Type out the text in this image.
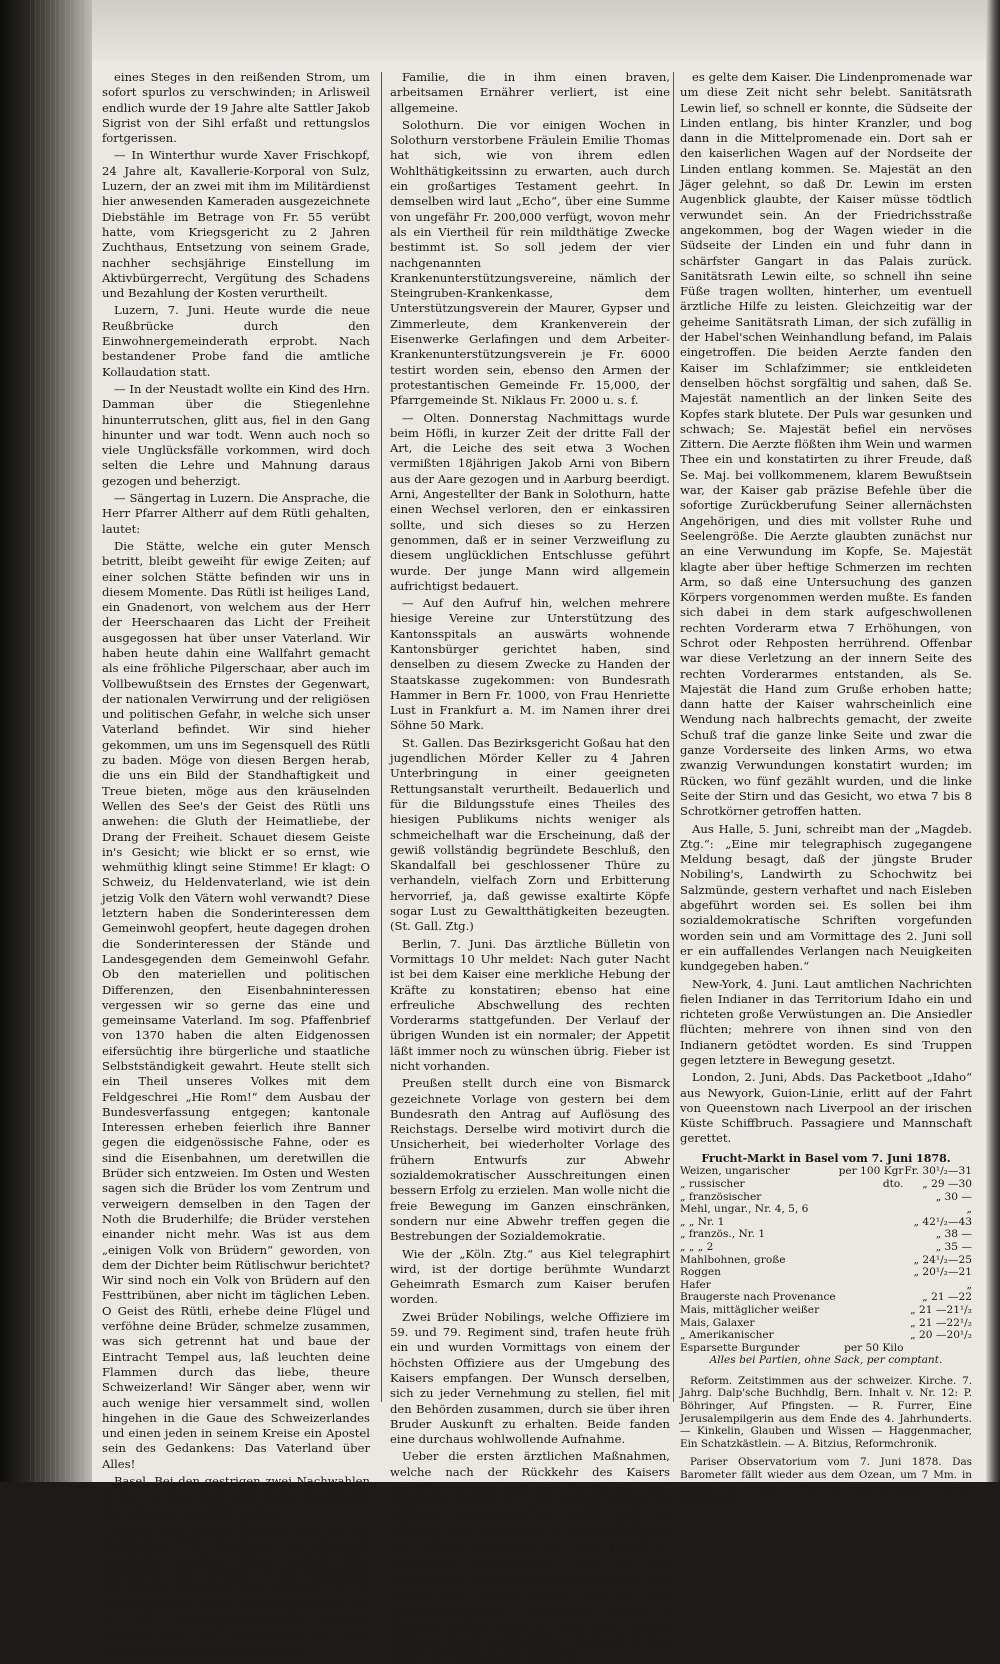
eines Steges in den reißenden Strom, um sofort spurlos zu verschwinden; in Arlisweil endlich wurde der 19 Jahre alte Sattler Jakob Sigrist von der Sihl erfaßt und rettungslos fortgerissen.

— In Winterthur wurde Xaver Frischkopf, 24 Jahre alt, Kavallerie-Korporal von Sulz, Luzern, der an zwei mit ihm im Militärdienst hier anwesenden Kameraden ausgezeichnete Diebstähle im Betrage von Fr. 55 verübt hatte, vom Kriegsgericht zu 2 Jahren Zuchthaus, Entsetzung von seinem Grade, nachher sechsjährige Einstellung im Aktivbürgerrecht, Vergütung des Schadens und Bezahlung der Kosten verurtheilt.

Luzern, 7. Juni. Heute wurde die neue Reußbrücke durch den Einwohnergemeinderath erprobt. Nach bestandener Probe fand die amtliche Kollaudation statt.

— In der Neustadt wollte ein Kind des Hrn. Damman über die Stiegenlehne hinunterrutschen, glitt aus, fiel in den Gang hinunter und war todt. Wenn auch noch so viele Unglücksfälle vorkommen, wird doch selten die Lehre und Mahnung daraus gezogen und beherzigt.

— Sängertag in Luzern. Die Ansprache, die Herr Pfarrer Altherr auf dem Rütli gehalten, lautet:

Die Stätte, welche ein guter Mensch betritt, bleibt geweiht für ewige Zeiten; auf einer solchen Stätte befinden wir uns in diesem Momente. Das Rütli ist heiliges Land, ein Gnadenort, von welchem aus der Herr der Heerschaaren das Licht der Freiheit ausgegossen hat über unser Vaterland. Wir haben heute dahin eine Wallfahrt gemacht als eine fröhliche Pilgerschaar, aber auch im Vollbewußtsein des Ernstes der Gegenwart, der nationalen Verwirrung und der religiösen und politischen Gefahr, in welche sich unser Vaterland befindet. Wir sind hieher gekommen, um uns im Segensquell des Rütli zu baden. Möge von diesen Bergen herab, die uns ein Bild der Standhaftigkeit und Treue bieten, möge aus den kräuselnden Wellen des See's der Geist des Rütli uns anwehen: die Gluth der Heimatliebe, der Drang der Freiheit. Schauet diesem Geiste in's Gesicht; wie blickt er so ernst, wie wehmüthig klingt seine Stimme! Er klagt: O Schweiz, du Heldenvaterland, wie ist dein jetzig Volk den Vätern wohl verwandt? Diese letztern haben die Sonderinteressen dem Gemeinwohl geopfert, heute dagegen drohen die Sonderinteressen der Stände und Landesgegenden dem Gemeinwohl Gefahr. Ob den materiellen und politischen Differenzen, den Eisenbahninteressen vergessen wir so gerne das eine und gemeinsame Vaterland. Im sog. Pfaffenbrief von 1370 haben die alten Eidgenossen eifersüchtig ihre bürgerliche und staatliche Selbstständigkeit gewahrt. Heute stellt sich ein Theil unseres Volkes mit dem Feldgeschrei „Hie Rom!“ dem Ausbau der Bundesverfassung entgegen; kantonale Interessen erheben feierlich ihre Banner gegen die eidgenössische Fahne, oder es sind die Eisenbahnen, um deretwillen die Brüder sich entzweien. Im Osten und Westen sagen sich die Brüder los vom Zentrum und verweigern demselben in den Tagen der Noth die Bruderhilfe; die Brüder verstehen einander nicht mehr. Was ist aus dem „einigen Volk von Brüdern“ geworden, von dem der Dichter beim Rütlischwur berichtet? Wir sind noch ein Volk von Brüdern auf den Festtribünen, aber nicht im täglichen Leben. O Geist des Rütli, erhebe deine Flügel und verföhne deine Brüder, schmelze zusammen, was sich getrennt hat und baue der Eintracht Tempel aus, laß leuchten deine Flammen durch das liebe, theure Schweizerland! Wir Sänger aber, wenn wir auch wenige hier versammelt sind, wollen hingehen in die Gaue des Schweizerlandes und einen jeden in seinem Kreise ein Apostel sein des Gedankens: Das Vaterland über Alles!

Basel. Bei den gestrigen zwei Nachwahlen in den Großen Rath sind beide Kandidaten der Liberalen gewählt worden.

Glarus. Seit letztem Dienstag wird der Hr. Fellhändler Frid. Beglinger, ein allgemein geachteter, wackerer Mann, vermißt. Man vermuthet, daß derselbe in der Dunkelheit bei seiner Heimkehr von Niedern, wo er zuletzt gesehen wurde, den Weg verfehlt und in den hochangeschwollenen Löntsch gefallen sei. Die Theilnahme an dem Schicksal der ziemlich zahlreichen

Familie, die in ihm einen braven, arbeitsamen Ernährer verliert, ist eine allgemeine.

Solothurn. Die vor einigen Wochen in Solothurn verstorbene Fräulein Emilie Thomas hat sich, wie von ihrem edlen Wohlthätigkeitssinn zu erwarten, auch durch ein großartiges Testament geehrt. In demselben wird laut „Echo“, über eine Summe von ungefähr Fr. 200,000 verfügt, wovon mehr als ein Viertheil für rein mildthätige Zwecke bestimmt ist. So soll jedem der vier nachgenannten Krankenunterstützungsvereine, nämlich der Steingruben-Krankenkasse, dem Unterstützungsverein der Maurer, Gypser und Zimmerleute, dem Krankenverein der Eisenwerke Gerlafingen und dem Arbeiter-Krankenunterstützungsverein je Fr. 6000 testirt worden sein, ebenso den Armen der protestantischen Gemeinde Fr. 15,000, der Pfarrgemeinde St. Niklaus Fr. 2000 u. s. f.

— Olten. Donnerstag Nachmittags wurde beim Höfli, in kurzer Zeit der dritte Fall der Art, die Leiche des seit etwa 3 Wochen vermißten 18jährigen Jakob Arni von Bibern aus der Aare gezogen und in Aarburg beerdigt. Arni, Angestellter der Bank in Solothurn, hatte einen Wechsel verloren, den er einkassiren sollte, und sich dieses so zu Herzen genommen, daß er in seiner Verzweiflung zu diesem unglücklichen Entschlusse geführt wurde. Der junge Mann wird allgemein aufrichtigst bedauert.

— Auf den Aufruf hin, welchen mehrere hiesige Vereine zur Unterstützung des Kantonsspitals an auswärts wohnende Kantonsbürger gerichtet haben, sind denselben zu diesem Zwecke zu Handen der Staatskasse zugekommen: von Bundesrath Hammer in Bern Fr. 1000, von Frau Henriette Lust in Frankfurt a. M. im Namen ihrer drei Söhne 50 Mark.

St. Gallen. Das Bezirksgericht Goßau hat den jugendlichen Mörder Keller zu 4 Jahren Unterbringung in einer geeigneten Rettungsanstalt verurtheilt. Bedauerlich und für die Bildungsstufe eines Theiles des hiesigen Publikums nichts weniger als schmeichelhaft war die Erscheinung, daß der gewiß vollständig begründete Beschluß, den Skandalfall bei geschlossener Thüre zu verhandeln, vielfach Zorn und Erbitterung hervorrief, ja, daß gewisse exaltirte Köpfe sogar Lust zu Gewaltthätigkeiten bezeugten. (St. Gall. Ztg.)

Berlin, 7. Juni. Das ärztliche Bülletin von Vormittags 10 Uhr meldet: Nach guter Nacht ist bei dem Kaiser eine merkliche Hebung der Kräfte zu konstatiren; ebenso hat eine erfreuliche Abschwellung des rechten Vorderarms stattgefunden. Der Verlauf der übrigen Wunden ist ein normaler; der Appetit läßt immer noch zu wünschen übrig. Fieber ist nicht vorhanden.

Preußen stellt durch eine von Bismarck gezeichnete Vorlage von gestern bei dem Bundesrath den Antrag auf Auflösung des Reichstags. Derselbe wird motivirt durch die Unsicherheit, bei wiederholter Vorlage des frühern Entwurfs zur Abwehr sozialdemokratischer Ausschreitungen einen bessern Erfolg zu erzielen. Man wolle nicht die freie Bewegung im Ganzen einschränken, sondern nur eine Abwehr treffen gegen die Bestrebungen der Sozialdemokratie.

Wie der „Köln. Ztg.“ aus Kiel telegraphirt wird, ist der dortige berühmte Wundarzt Geheimrath Esmarch zum Kaiser berufen worden.

Zwei Brüder Nobilings, welche Offiziere im 59. und 79. Regiment sind, trafen heute früh ein und wurden Vormittags von einem der höchsten Offiziere aus der Umgebung des Kaisers empfangen. Der Wunsch derselben, sich zu jeder Vernehmung zu stellen, fiel mit den Behörden zusammen, durch sie über ihren Bruder Auskunft zu erhalten. Beide fanden eine durchaus wohlwollende Aufnahme.

Ueber die ersten ärztlichen Maßnahmen, welche nach der Rückkehr des Kaisers getroffen wurden, gebt der „Nordd. All. Ztg.“ folgender Bericht zu: „Der hiesige königliche Physikus Sanitätsrath Dr. Lewin ging am Sonntag unter den Linden in der Richtung auf das Schloß. Ungefähr vor dem Hotel St. Petersburg angekommen, sah er den kaiserlichen Wagen vom Palais abfahren und grüßte und gleich darauf den an ihm vorüberkommenden Monarchen. Kaum 3 Minuten später hörte er zwei sehr heftige Schüsse, deren unheimlicher Eindruck in ihm sofort die Vermuthung wachrief,

es gelte dem Kaiser. Die Lindenpromenade war um diese Zeit nicht sehr belebt. Sanitätsrath Lewin lief, so schnell er konnte, die Südseite der Linden entlang, bis hinter Kranzler, und bog dann in die Mittelpromenade ein. Dort sah er den kaiserlichen Wagen auf der Nordseite der Linden entlang kommen. Se. Majestät an den Jäger gelehnt, so daß Dr. Lewin im ersten Augenblick glaubte, der Kaiser müsse tödtlich verwundet sein. An der Friedrichsstraße angekommen, bog der Wagen wieder in die Südseite der Linden ein und fuhr dann in schärfster Gangart in das Palais zurück. Sanitätsrath Lewin eilte, so schnell ihn seine Füße tragen wollten, hinterher, um eventuell ärztliche Hilfe zu leisten. Gleichzeitig war der geheime Sanitätsrath Liman, der sich zufällig in der Habel'schen Weinhandlung befand, im Palais eingetroffen. Die beiden Aerzte fanden den Kaiser im Schlafzimmer; sie entkleideten denselben höchst sorgfältig und sahen, daß Se. Majestät namentlich an der linken Seite des Kopfes stark blutete. Der Puls war gesunken und schwach; Se. Majestät befiel ein nervöses Zittern. Die Aerzte flößten ihm Wein und warmen Thee ein und konstatirten zu ihrer Freude, daß Se. Maj. bei vollkommenem, klarem Bewußtsein war, der Kaiser gab präzise Befehle über die sofortige Zurückberufung Seiner allernächsten Angehörigen, und dies mit vollster Ruhe und Seelengröße. Die Aerzte glaubten zunächst nur an eine Verwundung im Kopfe, Se. Majestät klagte aber über heftige Schmerzen im rechten Arm, so daß eine Untersuchung des ganzen Körpers vorgenommen werden mußte. Es fanden sich dabei in dem stark aufgeschwollenen rechten Vorderarm etwa 7 Erhöhungen, von Schrot oder Rehposten herrührend. Offenbar war diese Verletzung an der innern Seite des rechten Vorderarmes entstanden, als Se. Majestät die Hand zum Gruße erhoben hatte; dann hatte der Kaiser wahrscheinlich eine Wendung nach halbrechts gemacht, der zweite Schuß traf die ganze linke Seite und zwar die ganze Vorderseite des linken Arms, wo etwa zwanzig Verwundungen konstatirt wurden; im Rücken, wo fünf gezählt wurden, und die linke Seite der Stirn und das Gesicht, wo etwa 7 bis 8 Schrotkörner getroffen hatten.

Aus Halle, 5. Juni, schreibt man der „Magdeb. Ztg.“: „Eine mir telegraphisch zugegangene Meldung besagt, daß der jüngste Bruder Nobiling's, Landwirth zu Schochwitz bei Salzmünde, gestern verhaftet und nach Eisleben abgeführt worden sei. Es sollen bei ihm sozialdemokratische Schriften vorgefunden worden sein und am Vormittage des 2. Juni soll er ein auffallendes Verlangen nach Neuigkeiten kundgegeben haben.“

New-York, 4. Juni. Laut amtlichen Nachrichten fielen Indianer in das Territorium Idaho ein und richteten große Verwüstungen an. Die Ansiedler flüchten; mehrere von ihnen sind von den Indianern getödtet worden. Es sind Truppen gegen letztere in Bewegung gesetzt.

London, 2. Juni, Abds. Das Packetboot „Idaho“ aus Newyork, Guion-Linie, erlitt auf der Fahrt von Queenstown nach Liverpool an der irischen Küste Schiffbruch. Passagiere und Mannschaft gerettet.

Frucht-Markt in Basel vom 7. Juni 1878.
Weizen, ungarischer	per 100 Kgr	Fr. 30¹/₂—31
„ russischer	dto.	„ 29 —30
„ französischer		„ 30 —
Mehl, ungar., Nr. 4, 5, 6		„
„ „ Nr. 1		„ 42¹/₂—43
„ französ., Nr. 1		„ 38 —
„ „ „ 2		„ 35 —
Mahlbohnen, große		„ 24¹/₂—25
Roggen		„ 20¹/₂—21
Hafer		„
Braugerste nach Provenance		„ 21 —22
Mais, mittäglicher weißer		„ 21 —21¹/₂
Mais, Galaxer		„ 21 —22¹/₂
„ Amerikanischer		„ 20 —20¹/₂
Esparsette Burgunder	per 50 Kilo	
Alles bei Partien, ohne Sack, per comptant.

Reform. Zeitstimmen aus der schweizer. Kirche. 7. Jahrg. Dalp'sche Buchhdlg, Bern. Inhalt v. Nr. 12: P. Böhringer, Auf Pfingsten. — R. Furrer, Eine Jerusalempilgerin aus dem Ende des 4. Jahrhunderts. — Kinkelin, Glauben und Wissen — Haggenmacher, Ein Schatzkästlein. — A. Bitzius, Reformchronik.

Pariser Observatorium vom 7. Juni 1878. Das Barometer fällt wieder aus dem Ozean, um 7 Mm. in Irland, um 6 Mm. in Biarritz. Gewitterregen sind zu befürchten.
